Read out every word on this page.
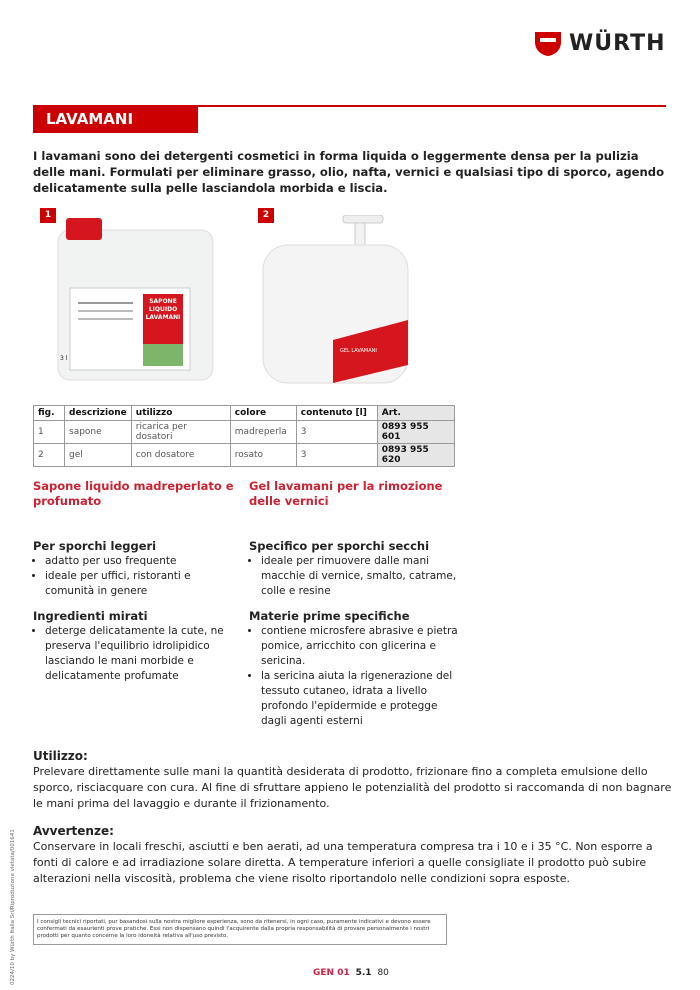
WÜRTH
LAVAMANI
I lavamani sono dei detergenti cosmetici in forma liquida o leggermente densa per la pulizia delle mani. Formulati per eliminare grasso, olio, nafta, vernici e qualsiasi tipo di sporco, agendo delicatamente sulla pelle lasciandola morbida e liscia.
1
SAPONE LIQUIDO LAVAMANI
3 l
2
GEL LAVAMANI
fig.	descrizione	utilizzo	colore	contenuto [l]	Art.
1	sapone	ricarica per dosatori	madreperla	3	0893 955 601
2	gel	con dosatore	rosato	3	0893 955 620
Sapone liquido madreperlato e profumato
Per sporchi leggeri
• adatto per uso frequente
• ideale per uffici, ristoranti e comunità in genere
Ingredienti mirati
• deterge delicatamente la cute, ne preserva l'equilibrio idrolipidico lasciando le mani morbide e delicatamente profumate
Gel lavamani per la rimozione delle vernici
Specifico per sporchi secchi
• ideale per rimuovere dalle mani macchie di vernice, smalto, catrame, colle e resine
Materie prime specifiche
• contiene microsfere abrasive e pietra pomice, arricchito con glicerina e sericina.
• la sericina aiuta la rigenerazione del tessuto cutaneo, idrata a livello profondo l'epidermide e protegge dagli agenti esterni
Utilizzo:
Prelevare direttamente sulle mani la quantità desiderata di prodotto, frizionare fino a completa emulsione dello sporco, risciacquare con cura. Al fine di sfruttare appieno le potenzialità del prodotto si raccomanda di non bagnare le mani prima del lavaggio e durante il frizionamento.
Avvertenze:
Conservare in locali freschi, asciutti e ben aerati, ad una temperatura compresa tra i 10 e i 35 °C. Non esporre a fonti di calore e ad irradiazione solare diretta. A temperature inferiori a quelle consigliate il prodotto può subire alterazioni nella viscosità, problema che viene risolto riportandolo nelle condizioni sopra esposte.
I consigli tecnici riportati, pur basandosi sulla nostra migliore esperienza, sono da ritenersi, in ogni caso, puramente indicativi e devono essere confermati da esaurienti prove pratiche. Essi non dispensano quindi l'acquirente dalla propria responsabilità di provare personalmente i nostri prodotti per quanto concerne la loro idoneità relativa all'uso previsto.
0224/10 by Würth Italia Srl/Riproduzione vietata/001641	GEN 01 5.1 80
